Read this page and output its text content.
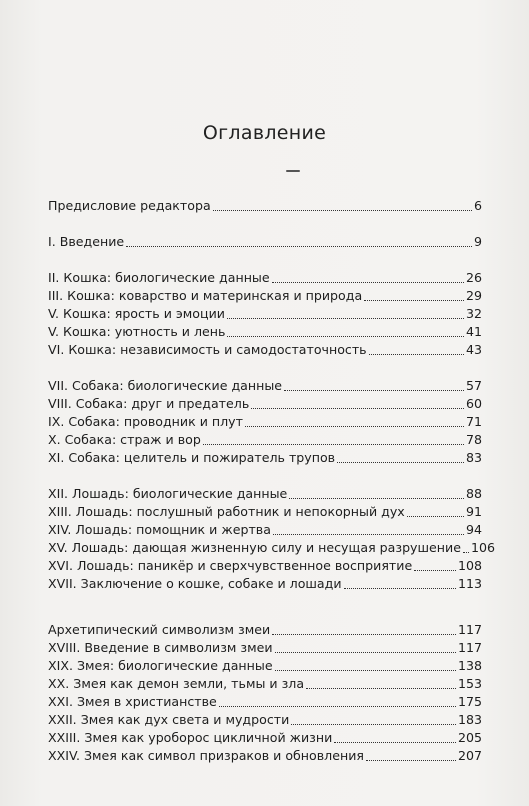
Оглавление
Предисловие редактора	6
I. Введение	9
II. Кошка: биологические данные	26
III. Кошка: коварство и материнская и природа	29
V. Кошка: ярость и эмоции	32
V. Кошка: уютность и лень	41
VI. Кошка: независимость и самодостаточность	43
VII. Собака: биологические данные	57
VIII. Собака: друг и предатель	60
IX. Собака: проводник и плут	71
X. Собака: страж и вор	78
XI. Собака: целитель и пожиратель трупов	83
XII. Лошадь: биологические данные	88
XIII. Лошадь: послушный работник и непокорный дух	91
XIV. Лошадь: помощник и жертва	94
XV. Лошадь: дающая жизненную силу и несущая разрушение 106
XVI. Лошадь: паникёр и сверхчувственное восприятие	108
XVII. Заключение о кошке, собаке и лошади	113
Архетипический символизм змеи	117
XVIII. Введение в символизм змеи	117
XIX. Змея: биологические данные	138
XX. Змея как демон земли, тьмы и зла	153
XXI. Змея в христианстве	175
XXII. Змея как дух света и мудрости	183
XXIII. Змея как уроборос цикличной жизни	205
XXIV. Змея как символ призраков и обновления	207
